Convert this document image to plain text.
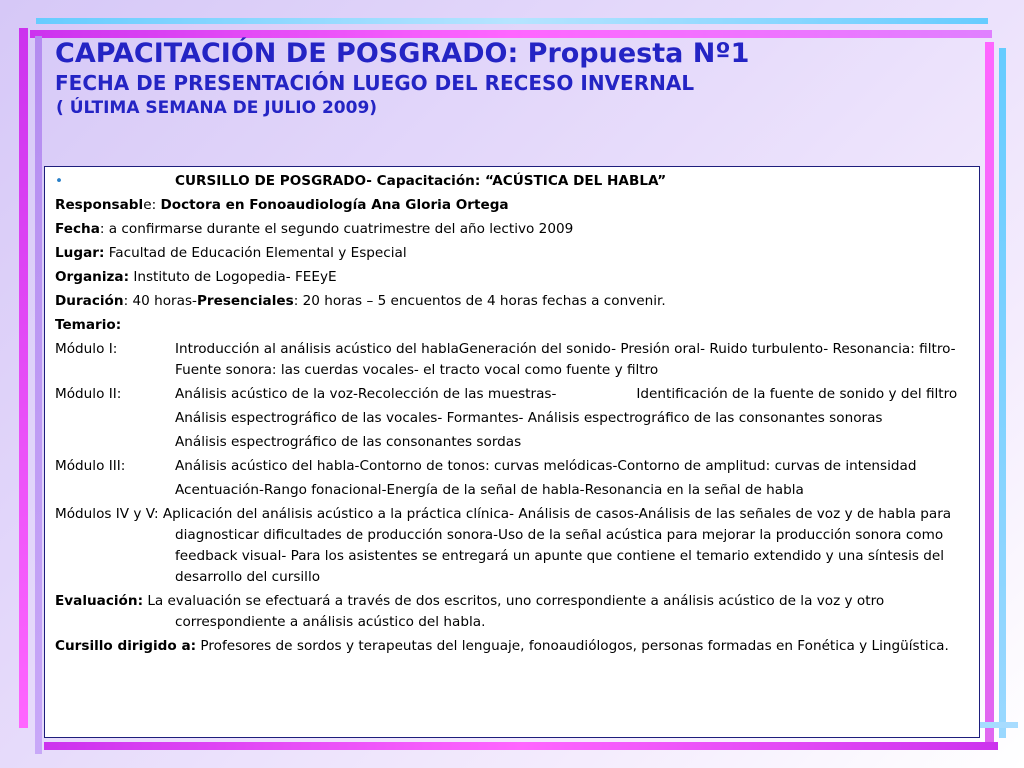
CAPACITACIÓN DE POSGRADO: Propuesta Nº1

FECHA DE PRESENTACIÓN LUEGO DEL RECESO INVERNAL

( ÚLTIMA SEMANA DE JULIO 2009)

•	CURSILLO DE POSGRADO- Capacitación: “ACÚSTICA DEL HABLA”
Responsable: Doctora en Fonoaudiología Ana Gloria Ortega
Fecha: a confirmarse durante el segundo cuatrimestre del año lectivo 2009
Lugar: Facultad de Educación Elemental y Especial
Organiza: Instituto de Logopedia- FEEyE
Duración: 40 horas-Presenciales: 20 horas – 5 encuentos de 4 horas fechas a convenir.
Temario:
Módulo I:	Introducción al análisis acústico del hablaGeneración del sonido- Presión oral- Ruido turbulento- Resonancia: filtro-Fuente sonora: las cuerdas vocales- el tracto vocal como fuente y filtro
Módulo II:	Análisis acústico de la voz-Recolección de las muestras-	Identificación de la fuente de sonido y del filtro
Análisis espectrográfico de las vocales- Formantes- Análisis espectrográfico de las consonantes sonoras
Análisis espectrográfico de las consonantes sordas
Módulo III:	Análisis acústico del habla-Contorno de tonos: curvas melódicas-Contorno de amplitud: curvas de intensidad
Acentuación-Rango fonacional-Energía de la señal de habla-Resonancia en la señal de habla
Módulos IV y V: Aplicación del análisis acústico a la práctica clínica- Análisis de casos-Análisis de las señales de voz y de habla para diagnosticar dificultades de producción sonora-Uso de la señal acústica para mejorar la producción sonora como feedback visual- Para los asistentes se entregará un apunte que contiene el temario extendido y una síntesis del desarrollo del cursillo
Evaluación: La evaluación se efectuará a través de dos escritos, uno correspondiente a análisis acústico de la voz y otro correspondiente a análisis acústico del habla.
Cursillo dirigido a: Profesores de sordos y terapeutas del lenguaje, fonoaudiólogos, personas formadas en Fonética y Lingüística.
